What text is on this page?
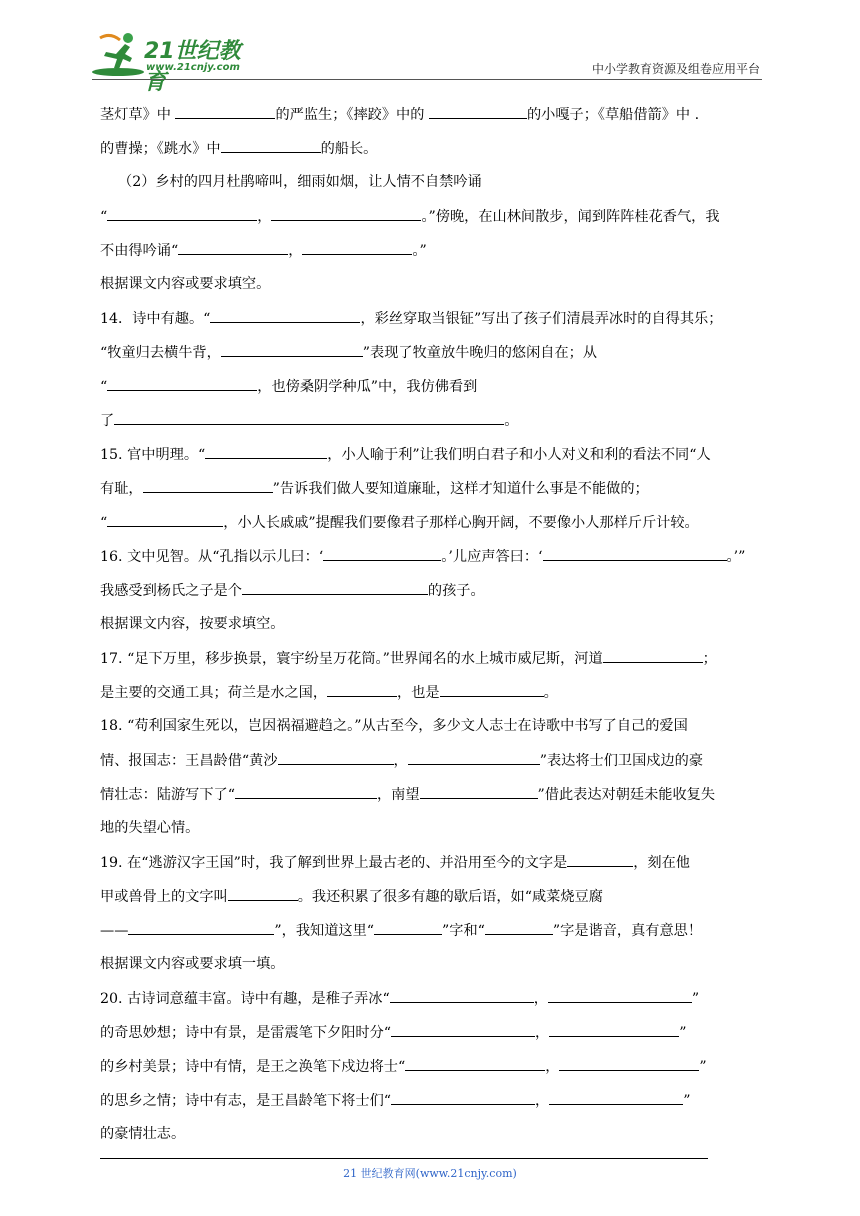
21世纪教育
www.21cnjy.com	中小学教育资源及组卷应用平台
茎灯草》中	的严监生；《摔跤》中的	的小嘎子；《草船借箭》中 .
的曹操；《跳水》中	的船长。
（2）乡村的四月杜鹃啼叫，细雨如烟，让人情不自禁吟诵
“	，	。”傍晚，在山林间散步，闻到阵阵桂花香气，我
不由得吟诵“	，	。”
根据课文内容或要求填空。
14．诗中有趣。“	，彩丝穿取当银钲”写出了孩子们清晨弄冰时的自得其乐；
“牧童归去横牛背，	”表现了牧童放牛晚归的悠闲自在；从
“	，也傍桑阴学种瓜”中，我仿佛看到
了	。
15. 官中明理。“	，小人喻于利”让我们明白君子和小人对义和利的看法不同“人
有耻，	”告诉我们做人要知道廉耻，这样才知道什么事是不能做的；
“	，小人长戚戚”提醒我们要像君子那样心胸开阔，不要像小人那样斤斤计较。
16. 文中见智。从“孔指以示儿曰：‘	。’儿应声答曰：‘	。’”
我感受到杨氏之子是个	的孩子。
根据课文内容，按要求填空。
17. “足下万里，移步换景，寰宇纷呈万花筒。”世界闻名的水上城市威尼斯，河道	；
是主要的交通工具；荷兰是水之国，	，也是	。
18. “苟利国家生死以，岂因祸福避趋之。”从古至今，多少文人志士在诗歌中书写了自己的爱国
情、报国志：王昌龄借“黄沙	，	”表达将士们卫国戍边的豪
情壮志：陆游写下了“	，南望	”借此表达对朝廷未能收复失
地的失望心情。
19. 在“逃游汉字王国”时，我了解到世界上最古老的、并沿用至今的文字是	，刻在他
甲或兽骨上的文字叫	。我还积累了很多有趣的歇后语，如“咸菜烧豆腐
——	”，我知道这里“	”字和“	”字是谐音，真有意思！
根据课文内容或要求填一填。
20. 古诗词意蕴丰富。诗中有趣，是稚子弄冰“	，	”
的奇思妙想；诗中有景，是雷震笔下夕阳时分“	，	”
的乡村美景；诗中有情，是王之涣笔下戍边将士“	，	”
的思乡之情；诗中有志，是王昌龄笔下将士们“	，	”
的豪情壮志。
21 世纪教育网(www.21cnjy.com)
